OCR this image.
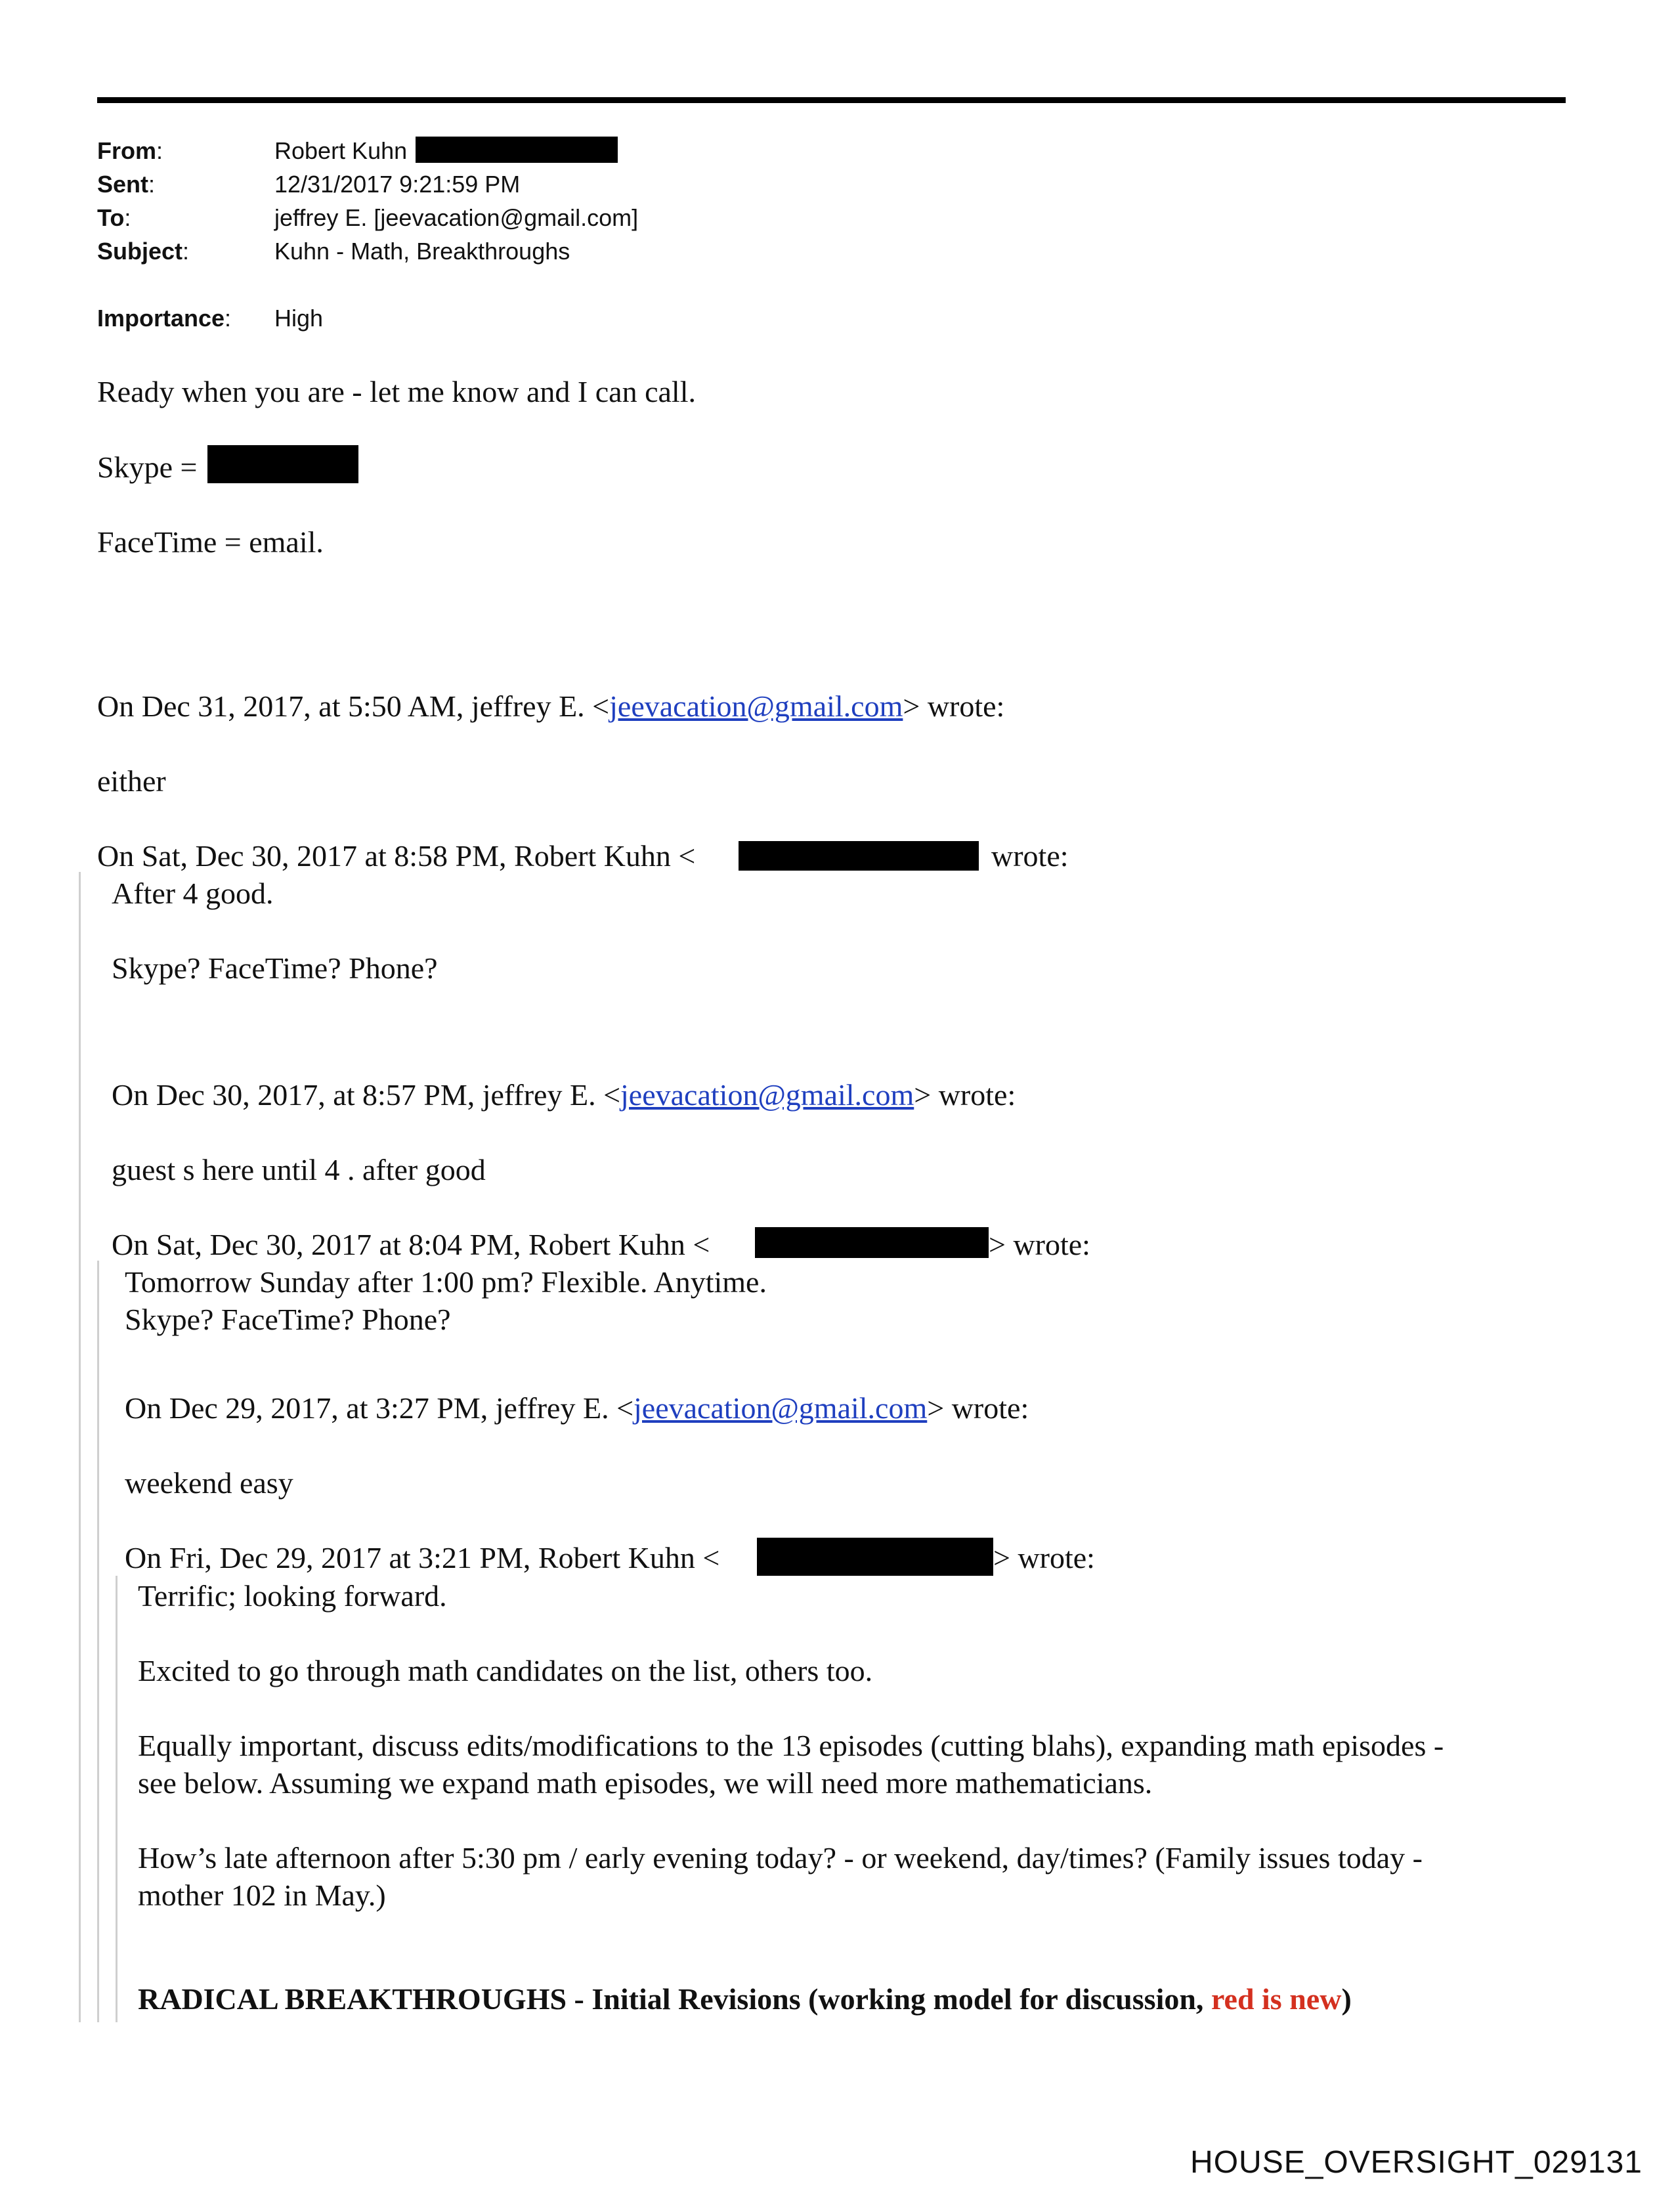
From:	Robert Kuhn
Sent:	12/31/2017 9:21:59 PM
To:	jeffrey E. [jeevacation@gmail.com]
Subject:	Kuhn - Math, Breakthroughs
Importance: High
Ready when you are - let me know and I can call.
Skype =
FaceTime = email.
On Dec 31, 2017, at 5:50 AM, jeffrey E. <jeevacation@gmail.com> wrote:
either
On Sat, Dec 30, 2017 at 8:58 PM, Robert Kuhn <	wrote:
After 4 good.
Skype? FaceTime? Phone?
On Dec 30, 2017, at 8:57 PM, jeffrey E. <jeevacation@gmail.com> wrote:
guest s here until 4 . after good
On Sat, Dec 30, 2017 at 8:04 PM, Robert Kuhn <	> wrote:
Tomorrow Sunday after 1:00 pm? Flexible. Anytime.
Skype? FaceTime? Phone?
On Dec 29, 2017, at 3:27 PM, jeffrey E. <jeevacation@gmail.com> wrote:
weekend easy
On Fri, Dec 29, 2017 at 3:21 PM, Robert Kuhn <	> wrote:
Terrific; looking forward.
Excited to go through math candidates on the list, others too.
Equally important, discuss edits/modifications to the 13 episodes (cutting blahs), expanding math episodes -
see below. Assuming we expand math episodes, we will need more mathematicians.
How’s late afternoon after 5:30 pm / early evening today? - or weekend, day/times? (Family issues today -
mother 102 in May.)
RADICAL BREAKTHROUGHS - Initial Revisions (working model for discussion, red is new)
HOUSE_OVERSIGHT_029131
